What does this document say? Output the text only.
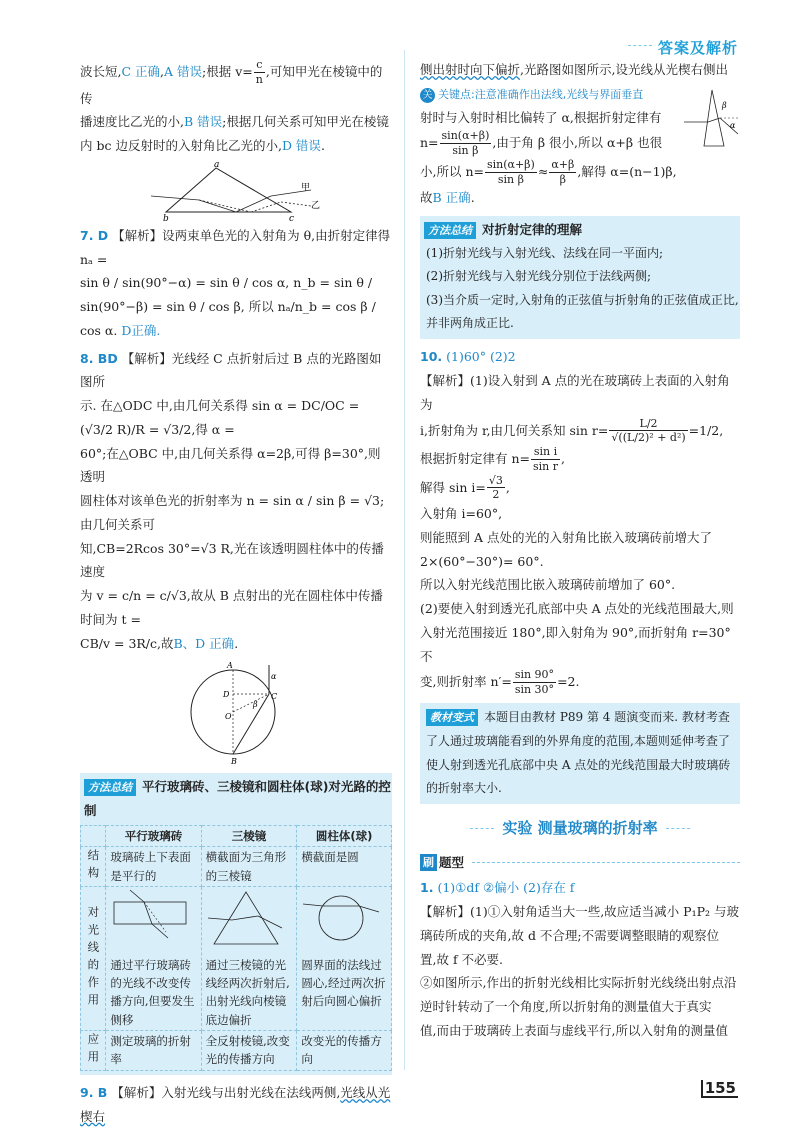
答案及解析

波长短,C 正确,A 错误;根据 $v= \frac{c}{n}$ ,可知甲光在棱镜中的传
播速度比乙光的小,B 错误;根据几何关系可知甲光在棱镜
内 bc 边反射时的入射角比乙光的小,D 错误.

a
b	c
甲
乙

7. D 【解析】设两束单色光的入射角为 θ,由折射定律得 nₐ =
sin θ / sin(90°−α) = sin θ / cos α, n_b = sin θ / sin(90°−β) = sin θ / cos β, 所以 nₐ/n_b = cos β / cos α. D正确.

8. BD 【解析】光线经 C 点折射后过 B 点的光路图如图所
示. 在△ODC 中,由几何关系得 sin α = DC/OC = (√3/2 R)/R = √3/2,得 α =
60°;在△OBC 中,由几何关系得 α=2β,可得 β=30°,则透明
圆柱体对该单色光的折射率为 n = sin α / sin β = √3;由几何关系可
知,CB=2Rcos 30°=√3 R,光在该透明圆柱体中的传播速度
为 v = c/n = c/√3,故从 B 点射出的光在圆柱体中传播时间为 t =
CB/v = 3R/c,故B、D 正确.

A
B
C
D
O
α
β
方法总结 平行玻璃砖、三棱镜和圆柱体(球)对光路的控制
	平行玻璃砖	三棱镜	圆柱体(球)
结构	玻璃砖上下表面是平行的	横截面为三角形的三棱镜	横截面是圆
对光线的作用	通过平行玻璃砖的光线不改变传播方向,但要发生侧移	通过三棱镜的光线经两次折射后,出射光线向棱镜底边偏折	圆界面的法线过圆心,经过两次折射后向圆心偏折
应用	测定玻璃的折射率	全反射棱镜,改变光的传播方向	改变光的传播方向

9. B 【解析】入射光线与出射光线在法线两侧,光线从光楔右

侧出射时向下偏折,光路图如图所示,设光线从光楔右侧出

关 关键点:注意准确作出法线,光线与界面垂直

射时与入射时相比偏转了 α,根据折射定律有
$n= \frac{\sin(\alpha+\beta)}{\text{sin β}}$ ,由于角 β 很小,所以 α+β 也很
小,所以 $n= \frac{\sin(\alpha+\beta)}{\text{sin β}} \approx \frac{\alpha+\beta}{\beta}$ ,解得 α=(n−1)β,故B 正确.

β
α
方法总结 对折射定律的理解
(1)折射光线与入射光线、法线在同一平面内;
(2)折射光线与入射光线分别位于法线两侧;
(3)当介质一定时,入射角的正弦值与折射角的正弦值成正比,并非两角成正比.

10. (1)60° (2)2
【解析】(1)设入射到 A 点的光在玻璃砖上表面的入射角为
i,折射角为 r,由几何关系知 $\sin r= \frac{L/2}{\text{√((L/2)² + d²)}} =1/2$,
根据折射定律有 $n= \frac{\text{sin i}}{\text{sin r}}$ ,
解得 $\sin i= \frac{√3}{2}$ ,
入射角 i=60°,
则能照到 A 点处的光的入射角比嵌入玻璃砖前增大了
2×(60°−30°)= 60°.
所以入射光线范围比嵌入玻璃砖前增加了 60°.
(2)要使入射到透光孔底部中央 A 点处的光线范围最大,则
入射光范围接近 180°,即入射角为 90°,而折射角 r=30°不
变,则折射率 $n'= \frac{\sin 90^\circ}{\sin 30^\circ} =2$.

教材变式 本题目由教材 P89 第 4 题演变而来. 教材考查了人通过玻璃能看到的外界角度的范围,本题则延伸考查了使人射到透光孔底部中央 A 点处的光线范围最大时玻璃砖的折射率大小.
实验 测量玻璃的折射率
刷 题型

1. (1)①df ②偏小 (2)存在 f
【解析】(1)①入射角适当大一些,故应适当减小 P₁P₂ 与玻
璃砖所成的夹角,故 d 不合理;不需要调整眼睛的观察位
置,故 f 不必要.
②如图所示,作出的折射光线相比实际折射光线绕出射点沿
逆时针转动了一个角度,所以折射角的测量值大于真实
值,而由于玻璃砖上表面与虚线平行,所以入射角的测量值

155
